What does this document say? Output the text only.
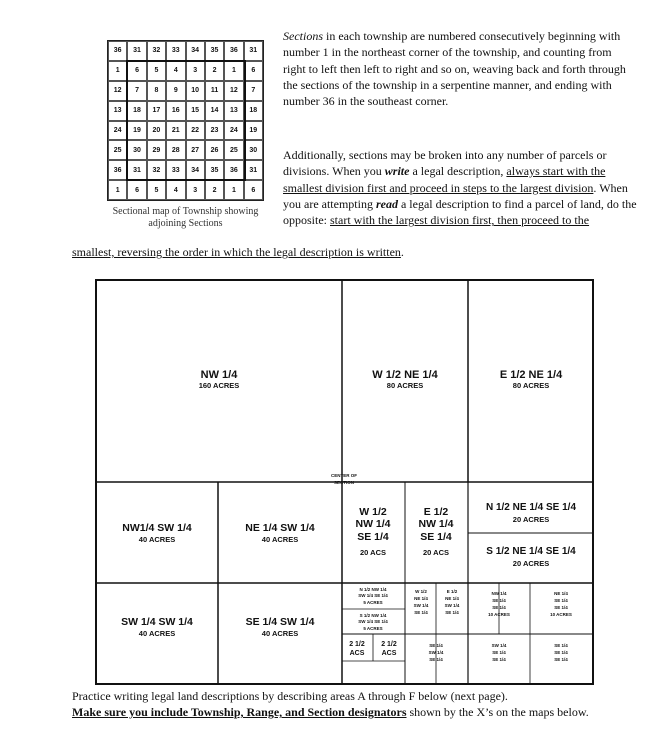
36	31	32	33	34	35	36	31
1	6	5	4	3	2	1	6
12	7	8	9	10	11	12	7
13	18	17	16	15	14	13	18
24	19	20	21	22	23	24	19
25	30	29	28	27	26	25	30
36	31	32	33	34	35	36	31
1	6	5	4	3	2	1	6
Sectional map of Township showing
adjoining Sections
Sections in each township are numbered consecutively beginning with number 1 in the northeast corner of the township, and counting from right to left then left to right and so on, weaving back and forth through the sections of the township in a serpentine manner, and ending with number 36 in the southeast corner.
Additionally, sections may be broken into any number of parcels or divisions. When you write a legal description, always start with the smallest division first and proceed in steps to the largest division. When you are attempting read a legal description to find a parcel of land, do the opposite: start with the largest division first, then proceed to the
smallest, reversing the order in which the legal description is written.
NW 1/4
160 ACRES
W 1/2 NE 1/4
80 ACRES
E 1/2 NE 1/4
80 ACRES
CENTER OF
SECTION
NW1/4 SW 1/4
40 ACRES
NE 1/4 SW 1/4
40 ACRES
SW 1/4 SW 1/4
40 ACRES
SE 1/4 SW 1/4
40 ACRES
W 1/2
NW 1/4
SE 1/4
20 ACS
E 1/2
NW 1/4
SE 1/4
20 ACS
N 1/2 NE 1/4 SE 1/4
20 ACRES
S 1/2 NE 1/4 SE 1/4
20 ACRES
N 1/2 NW 1/4
SW 1/4 SE 1/4
5 ACRES
S 1/2 NW 1/4
SW 1/4 SE 1/4
5 ACRES
2 1/2
ACS
2 1/2
ACS
W 1/2
NE 1/4
SW 1/4
SE 1/4
E 1/2
NE 1/4
SW 1/4
SE 1/4
SE 1/4
SW 1/4
SE 1/4
NW 1/4
SE 1/4
SE 1/4
10 ACRES
NE 1/4
SE 1/4
SE 1/4
10 ACRES
SW 1/4
SE 1/4
SE 1/4
SE 1/4
SE 1/4
SE 1/4
Practice writing legal land descriptions by describing areas A through F below (next page).
Make sure you include Township, Range, and Section designators shown by the X’s on the maps below.
